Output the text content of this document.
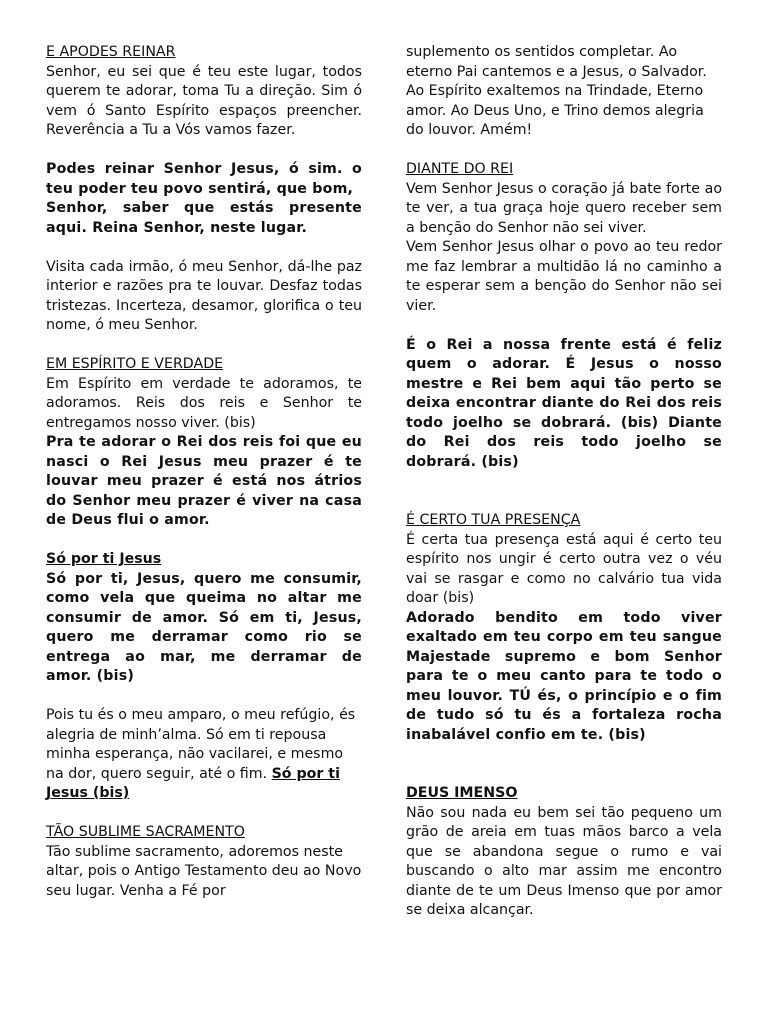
E APODES REINAR

Senhor, eu sei que é teu este lugar, todos querem te adorar, toma Tu a direção. Sim ó vem ó Santo Espírito espaços preencher. Reverência a Tu a Vós vamos fazer.

Podes reinar Senhor Jesus, ó sim. o teu poder teu povo sentirá, que bom,

Senhor, saber que estás presente aqui. Reina Senhor, neste lugar.

Visita cada irmão, ó meu Senhor, dá-lhe paz interior e razões pra te louvar. Desfaz todas tristezas. Incerteza, desamor, glorifica o teu nome, ó meu Senhor.

EM ESPÍRITO E VERDADE

Em Espírito em verdade te adoramos, te adoramos. Reis dos reis e Senhor te entregamos nosso viver. (bis)

Pra te adorar o Rei dos reis foi que eu nasci o Rei Jesus meu prazer é te louvar meu prazer é está nos átrios do Senhor meu prazer é viver na casa de Deus flui o amor.

Só por ti Jesus

Só por ti, Jesus, quero me consumir, como vela que queima no altar me consumir de amor. Só em ti, Jesus, quero me derramar como rio se entrega ao mar, me derramar de amor. (bis)

Pois tu és o meu amparo, o meu refúgio, és alegria de minh’alma. Só em ti repousa minha esperança, não vacilarei, e mesmo na dor, quero seguir, até o fim. Só por ti Jesus (bis)

TÃO SUBLIME SACRAMENTO

Tão sublime sacramento, adoremos neste altar, pois o Antigo Testamento deu ao Novo seu lugar. Venha a Fé por

suplemento os sentidos completar. Ao eterno Pai cantemos e a Jesus, o Salvador. Ao Espírito exaltemos na Trindade, Eterno amor. Ao Deus Uno, e Trino demos alegria do louvor. Amém!

DIANTE DO REI

Vem Senhor Jesus o coração já bate forte ao te ver, a tua graça hoje quero receber sem a benção do Senhor não sei viver.

Vem Senhor Jesus olhar o povo ao teu redor me faz lembrar a multidão lá no caminho a te esperar sem a benção do Senhor não sei vier.

É o Rei a nossa frente está é feliz quem o adorar. É Jesus o nosso mestre e Rei bem aqui tão perto se deixa encontrar diante do Rei dos reis todo joelho se dobrará. (bis) Diante do Rei dos reis todo joelho se dobrará. (bis)

É CERTO TUA PRESENÇA

É certa tua presença está aqui é certo teu espírito nos ungir é certo outra vez o véu vai se rasgar e como no calvário tua vida doar (bis)

Adorado bendito em todo viver exaltado em teu corpo em teu sangue Majestade supremo e bom Senhor para te o meu canto para te todo o meu louvor. TÚ és, o princípio e o fim de tudo só tu és a fortaleza rocha inabalável confio em te. (bis)

DEUS IMENSO

Não sou nada eu bem sei tão pequeno um grão de areia em tuas mãos barco a vela que se abandona segue o rumo e vai buscando o alto mar assim me encontro diante de te um Deus Imenso que por amor se deixa alcançar.
